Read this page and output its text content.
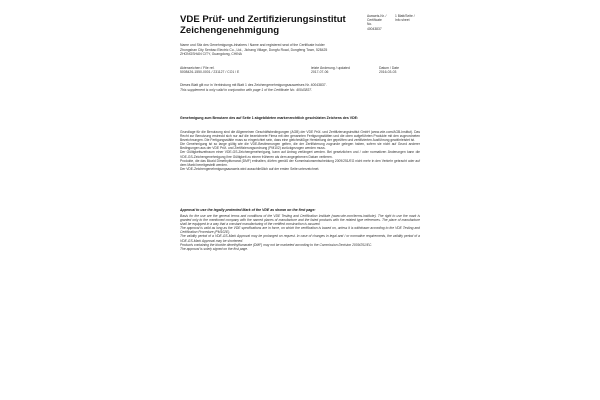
VDE Prüf- und Zertifizierungsinstitut
Zeichengenehmigung
Ausweis-Nr. / Certificate No.
40043837
1 Blatt/Seite / Info sheet
Name und Sitz des Genehmigungs-Inhabers / Name and registered seat of the Certificate holder
Zhongshan City Senbao Electric Co., Ltd., Jichang Village, Dongfu Road, Dongfeng Town, 528425
ZHONGSHAN CITY, Guangdong, CHINA
Aktenzeichen / File ref.
5008426-1550-0001 / 231127 / CO1 / E
letzte Änderung / updated
2017-07-06
Datum / Date
2016-03-03
Dieses Blatt gilt nur in Verbindung mit Blatt 1 des Zeichengenehmigungsausweises Nr. 40043837.
This supplement is only valid in conjunction with page 1 of the Certificate No. 40043837.
Genehmigung zum Benutzen des auf Seite 1 abgebildeten markenrechtlich geschützten Zeichens des VDE:

Grundlage für die Benutzung sind die Allgemeinen Geschäftsbedingungen (AGB) der VDE Prüf- und Zertifizierungsinstitut GmbH (www.vde.com/AGB-Institut). Das Recht zur Benutzung erstreckt sich nur auf die bezeichnete Firma mit den genannten Fertigungsstätten und die oben aufgeführten Produkte mit den zugeordneten Bezeichnungen. Die Fertigungsstätte muss so eingerichtet sein, dass eine gleichmäßige Herstellung der geprüften und zertifizierten Ausführung gewährleistet ist.

Die Genehmigung ist so lange gültig wie die VDE-Bestimmungen gelten, die der Zertifizierung zugrunde gelegen haben, sofern sie nicht auf Grund anderer Bedingungen aus der VDE Prüf- und Zertifizierungsordnung (PM102) zurückgezogen werden muss.

Der Gültigkeitszeitraum einer VDE-GS-Zeichengenehmigung, kann auf Antrag verlängert werden. Bei gesetzlichen und / oder normativen Änderungen kann die VDE-GS-Zeichengenehmigung ihre Gültigkeit zu einem früheren als dem angegebenen Datum verlieren.

Produkte, die das Biozid Dimethylfumarat (DMF) enthalten, dürfen gemäß der Kommissionsentscheidung 2009/251/EG nicht mehr in den Verkehr gebracht oder auf dem Markt bereitgestellt werden.

Der VDE-Zeichengenehmigungsausweis wird ausschließlich auf der ersten Seite unterzeichnet.

Approval to use the legally protected Mark of the VDE as shown on the first page:

Basis for the use are the general terms and conditions of the VDE Testing and Certification Institute (www.vde.com/terms-institute). The right to use the mark is granted only to the mentioned company with the named places of manufacture and the listed products with the related type references. The place of manufacture shall be equipped in a way that a constant manufacturing of the certified construction is assured.

The approval is valid as long as the VDE specifications are in force, on which the certification is based on, unless it is withdrawn according to the VDE Testing and Certification Procedure (PM102E).

The validity period of a VDE-GS-Mark Approval may be prolonged on request. In case of changes in legal and / or normative requirements, the validity period of a VDE-GS-Mark Approval may be shortened.

Products containing the biocide dimethylfumarate (DMF) may not be marketed according to the Commission Decision 2009/251/EC.

The approval is solely signed on the first page.
